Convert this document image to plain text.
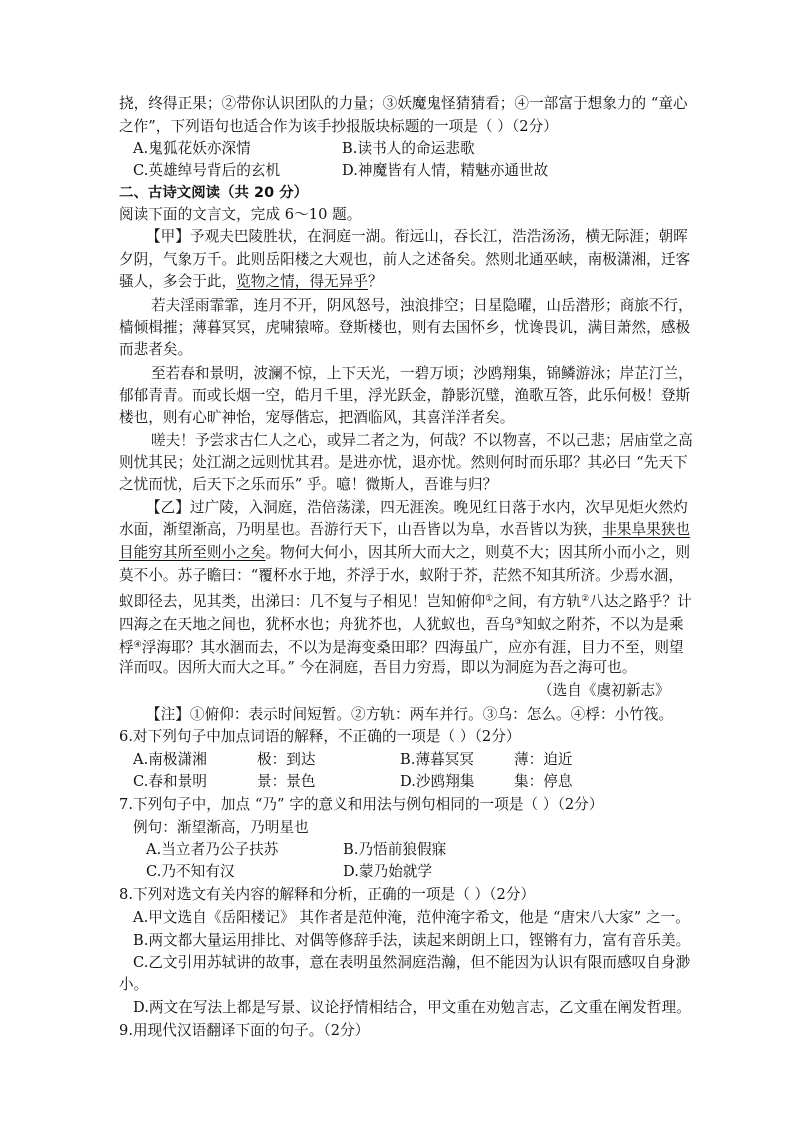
挠，终得正果；②带你认识团队的力量；③妖魔鬼怪猜猜看；④一部富于想象力的 “童心
之作”，下列语句也适合作为该手抄报版块标题的一项是（ ）（2分）
A.鬼狐花妖亦深情	B.读书人的命运悲歌
C.英雄绰号背后的玄机	D.神魔皆有人情，精魅亦通世故
二、古诗文阅读（共 20 分）
阅读下面的文言文，完成 6～10 题。
【甲】予观夫巴陵胜状，在洞庭一湖。衔远山，吞长江，浩浩汤汤，横无际涯；朝晖
夕阴，气象万千。此则岳阳楼之大观也，前人之述备矣。然则北通巫峡，南极潇湘，迁客
骚人，多会于此，览物之情，得无异乎？
若夫淫雨霏霏，连月不开，阴风怒号，浊浪排空；日星隐曜，山岳潜形；商旅不行，
樯倾楫摧；薄暮冥冥，虎啸猿啼。登斯楼也，则有去国怀乡，忧谗畏讥，满目萧然，感极
而悲者矣。
至若春和景明，波澜不惊，上下天光，一碧万顷；沙鸥翔集，锦鳞游泳；岸芷汀兰，
郁郁青青。而或长烟一空，皓月千里，浮光跃金，静影沉璧，渔歌互答，此乐何极！登斯
楼也，则有心旷神怡，宠辱偕忘，把酒临风，其喜洋洋者矣。
嗟夫！予尝求古仁人之心，或异二者之为，何哉？不以物喜，不以己悲；居庙堂之高
则忧其民；处江湖之远则忧其君。是进亦忧，退亦忧。然则何时而乐耶？其必曰 “先天下
之忧而忧，后天下之乐而乐” 乎。噫！微斯人，吾谁与归？
【乙】过广陵，入洞庭，浩倍荡漾，四无涯涘。晚见红日落于水内，次早见炬火然灼
水面，渐望渐高，乃明星也。吾游行天下，山吾皆以为阜，水吾皆以为狭，非果阜果狭也
目能穷其所至则小之矣。物何大何小，因其所大而大之，则莫不大；因其所小而小之，则
莫不小。苏子瞻曰：“覆杯水于地，芥浮于水，蚁附于芥，茫然不知其所济。少焉水涸，
蚁即径去，见其类，出涕曰：几不复与子相见！岂知俯仰①之间，有方轨②八达之路乎？计
四海之在天地之间也，犹杯水也；舟犹芥也，人犹蚁也，吾乌③知蚁之附芥，不以为是乘
桴④浮海耶？其水涸而去，不以为是海变桑田耶？四海虽广，应亦有涯，目力不至，则望
洋而叹。因所大而大之耳。” 今在洞庭，吾目力穷焉，即以为洞庭为吾之海可也。
（选自《虞初新志》
【注】①俯仰：表示时间短暂。②方轨：两车并行。③乌：怎么。④桴：小竹筏。
6.对下列句子中加点词语的解释，不正确的一项是（ ）（2分）
A.南极潇湘	极：到达	B.薄暮冥冥	薄：迫近
C.春和景明	景：景色	D.沙鸥翔集	集：停息
7.下列句子中，加点 “乃” 字的意义和用法与例句相同的一项是（ ）（2分）
例句：渐望渐高，乃明星也
A.当立者乃公子扶苏	B.乃悟前狼假寐
C.乃不知有汉	D.蒙乃始就学
8.下列对选文有关内容的解释和分析，正确的一项是（ ）（2分）
A.甲文选自《岳阳楼记》 其作者是范仲淹，范仲淹字希文，他是 “唐宋八大家” 之一。
B.两文都大量运用排比、对偶等修辞手法，读起来朗朗上口，铿锵有力，富有音乐美。
C.乙文引用苏轼讲的故事，意在表明虽然洞庭浩瀚，但不能因为认识有限而感叹自身渺
小。
D.两文在写法上都是写景、议论抒情相结合，甲文重在劝勉言志，乙文重在阐发哲理。
9.用现代汉语翻译下面的句子。（2分）
